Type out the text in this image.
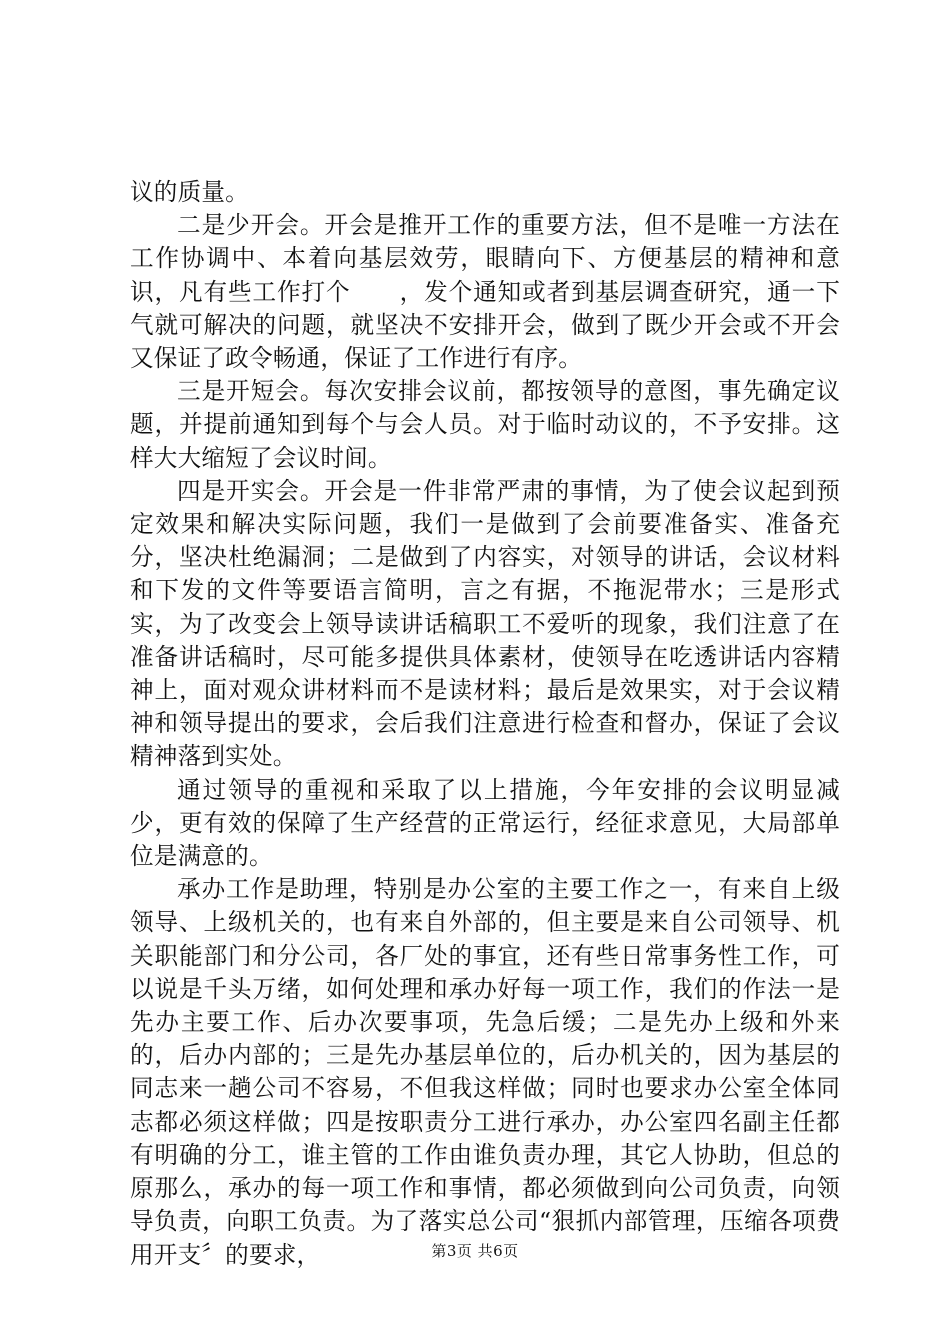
议的质量。

二是少开会。开会是推开工作的重要方法，但不是唯一方法在工作协调中、本着向基层效劳，眼睛向下、方便基层的精神和意识，凡有些工作打个　　，发个通知或者到基层调查研究，通一下气就可解决的问题，就坚决不安排开会，做到了既少开会或不开会又保证了政令畅通，保证了工作进行有序。

三是开短会。每次安排会议前，都按领导的意图，事先确定议题，并提前通知到每个与会人员。对于临时动议的，不予安排。这样大大缩短了会议时间。

四是开实会。开会是一件非常严肃的事情，为了使会议起到预定效果和解决实际问题，我们一是做到了会前要准备实、准备充分，坚决杜绝漏洞；二是做到了内容实，对领导的讲话，会议材料和下发的文件等要语言简明，言之有据，不拖泥带水；三是形式实，为了改变会上领导读讲话稿职工不爱听的现象，我们注意了在准备讲话稿时，尽可能多提供具体素材，使领导在吃透讲话内容精神上，面对观众讲材料而不是读材料；最后是效果实，对于会议精神和领导提出的要求，会后我们注意进行检查和督办，保证了会议精神落到实处。

通过领导的重视和采取了以上措施，今年安排的会议明显减少，更有效的保障了生产经营的正常运行，经征求意见，大局部单位是满意的。

承办工作是助理，特别是办公室的主要工作之一，有来自上级领导、上级机关的，也有来自外部的，但主要是来自公司领导、机关职能部门和分公司，各厂处的事宜，还有些日常事务性工作，可以说是千头万绪，如何处理和承办好每一项工作，我们的作法一是先办主要工作、后办次要事项，先急后缓；二是先办上级和外来的，后办内部的；三是先办基层单位的，后办机关的，因为基层的同志来一趟公司不容易，不但我这样做；同时也要求办公室全体同志都必须这样做；四是按职责分工进行承办，办公室四名副主任都有明确的分工，谁主管的工作由谁负责办理，其它人协助，但总的原那么，承办的每一项工作和事情，都必须做到向公司负责，向领导负责，向职工负责。为了落实总公司“狠抓内部管理，压缩各项费用开支〞的要求，	第3页 共6页
